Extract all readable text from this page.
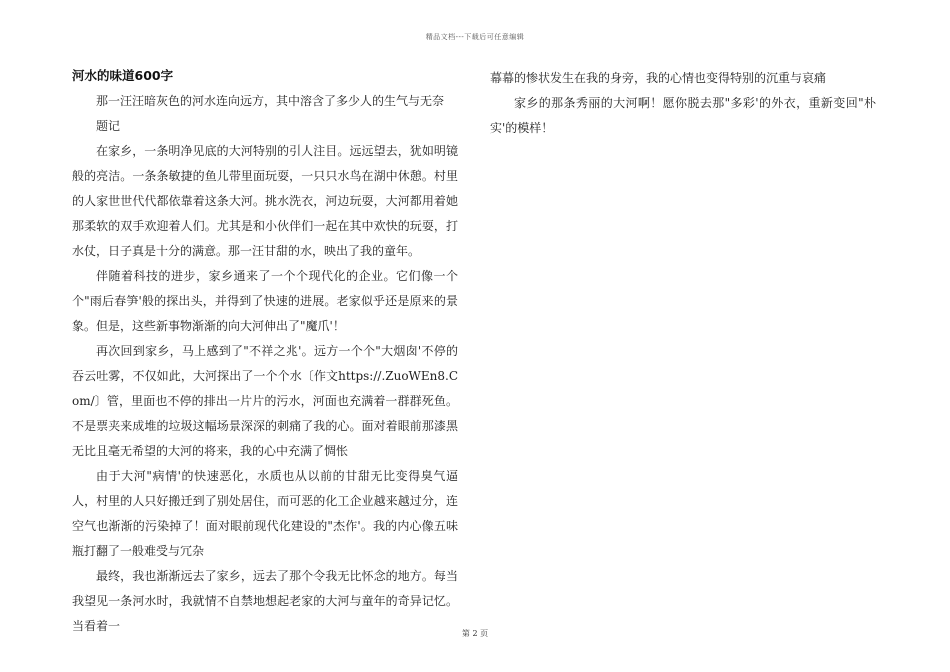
精品文档---下载后可任意编辑
河水的味道600字

那一汪汪暗灰色的河水连向远方，其中溶含了多少人的生气与无奈

题记

在家乡，一条明净见底的大河特别的引人注目。远远望去，犹如明镜般的亮洁。一条条敏捷的鱼儿带里面玩耍，一只只水鸟在湖中休憩。村里的人家世世代代都依靠着这条大河。挑水洗衣，河边玩耍，大河都用着她那柔软的双手欢迎着人们。尤其是和小伙伴们一起在其中欢快的玩耍，打水仗，日子真是十分的满意。那一汪甘甜的水，映出了我的童年。

伴随着科技的进步，家乡通来了一个个现代化的企业。它们像一个个"雨后春笋'般的探出头，并得到了快速的进展。老家似乎还是原来的景象。但是，这些新事物渐渐的向大河伸出了"魔爪'！

再次回到家乡，马上感到了"不祥之兆'。远方一个个"大烟囱'不停的吞云吐雾，不仅如此，大河探出了一个个水〔作文https://.ZuoWEn8.Com/〕管，里面也不停的排出一片片的污水，河面也充满着一群群死鱼。不是票夹来成堆的垃圾这幅场景深深的刺痛了我的心。面对着眼前那漆黑无比且毫无希望的大河的将来，我的心中充满了惆怅

由于大河"病情'的快速恶化，水质也从以前的甘甜无比变得臭气逼人，村里的人只好搬迁到了别处居住，而可恶的化工企业越来越过分，连空气也渐渐的污染掉了！面对眼前现代化建设的"杰作'。我的内心像五味瓶打翻了一般难受与冗杂

最终，我也渐渐远去了家乡，远去了那个令我无比怀念的地方。每当我望见一条河水时，我就情不自禁地想起老家的大河与童年的奇异记忆。当看着一

幕幕的惨状发生在我的身旁，我的心情也变得特别的沉重与哀痛

家乡的那条秀丽的大河啊！愿你脱去那"多彩'的外衣，重新变回"朴实'的模样！

第 2 页
